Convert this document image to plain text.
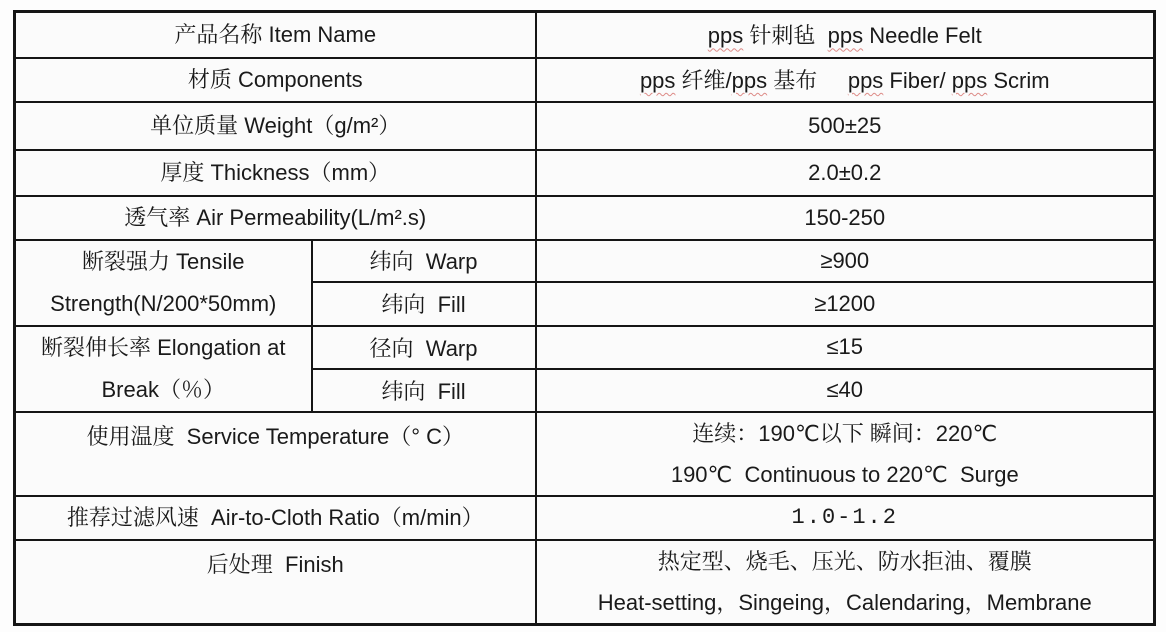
产品名称 Item Name		pps 针刺毡  pps Needle Felt
材质 Components		pps 纤维/pps 基布     pps Fiber/ pps Scrim
单位质量 Weight（g/m²）		500±25
厚度 Thickness（mm）		2.0±0.2
透气率 Air Permeability(L/m².s)		150-250
断裂强力 Tensile Strength(N/200*50mm)	纬向  Warp	≥900
	纬向  Fill	≥1200
断裂伸长率 Elongation at Break（％）	径向  Warp	≤15
	纬向  Fill	≤40
使用温度  Service Temperature（° C）		连续：190℃以下 瞬间：220℃
190℃  Continuous to 220℃  Surge

推荐过滤风速  Air-to-Cloth Ratio（m/min）		1.0-1.2
后处理  Finish		热定型、烧毛、压光、防水拒油、覆膜
Heat-setting，Singeing，Calendaring，Membrane
